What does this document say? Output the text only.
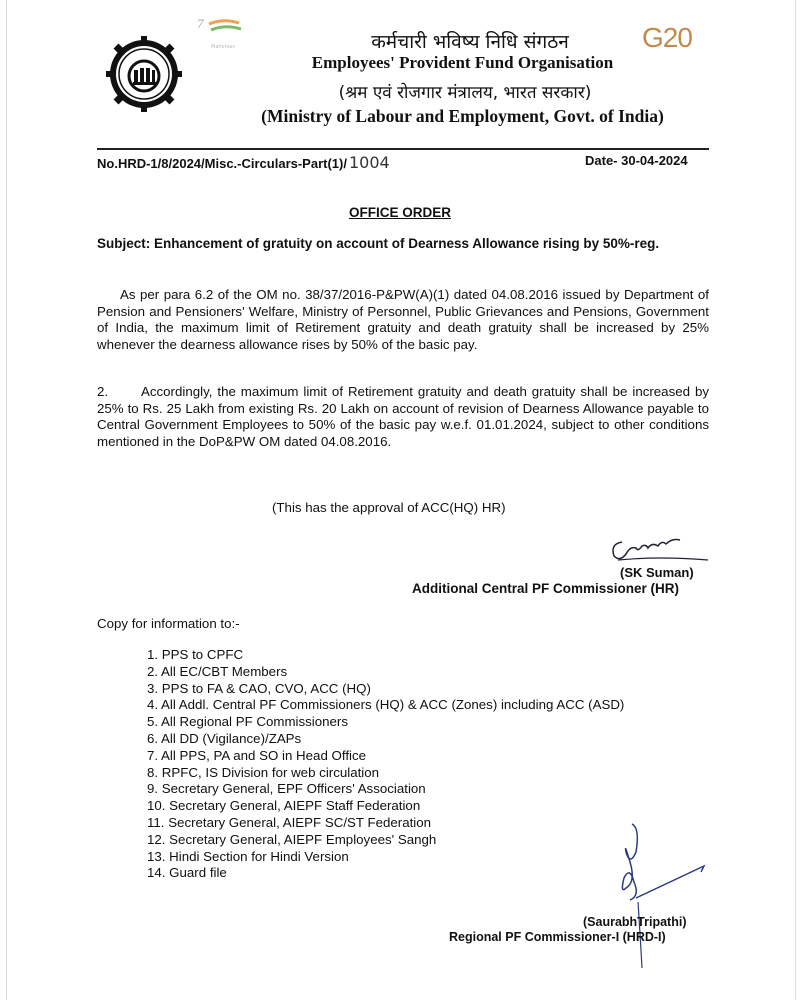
7
Mahotsav	G20
कर्मचारी भविष्य निधि संगठन
Employees' Provident Fund Organisation
(श्रम एवं रोजगार मंत्रालय, भारत सरकार)
(Ministry of Labour and Employment, Govt. of India)
No.HRD-1/8/2024/Misc.-Circulars-Part(1)/ 1004	Date- 30-04-2024
OFFICE ORDER
Subject: Enhancement of gratuity on account of Dearness Allowance rising by 50%-reg.
As per para 6.2 of the OM no. 38/37/2016-P&PW(A)(1) dated 04.08.2016 issued by Department of Pension and Pensioners' Welfare, Ministry of Personnel, Public Grievances and Pensions, Government of India, the maximum limit of Retirement gratuity and death gratuity shall be increased by 25% whenever the dearness allowance rises by 50% of the basic pay.
2. Accordingly, the maximum limit of Retirement gratuity and death gratuity shall be increased by 25% to Rs. 25 Lakh from existing Rs. 20 Lakh on account of revision of Dearness Allowance payable to Central Government Employees to 50% of the basic pay w.e.f. 01.01.2024, subject to other conditions mentioned in the DoP&PW OM dated 04.08.2016.
(This has the approval of ACC(HQ) HR)
(SK Suman)
Additional Central PF Commissioner (HR)
Copy for information to:-
1. PPS to CPFC
2. All EC/CBT Members
3. PPS to FA & CAO, CVO, ACC (HQ)
4. All Addl. Central PF Commissioners (HQ) & ACC (Zones) including ACC (ASD)
5. All Regional PF Commissioners
6. All DD (Vigilance)/ZAPs
7. All PPS, PA and SO in Head Office
8. RPFC, IS Division for web circulation
9. Secretary General, EPF Officers' Association
10. Secretary General, AIEPF Staff Federation
11. Secretary General, AIEPF SC/ST Federation
12. Secretary General, AIEPF Employees' Sangh
13. Hindi Section for Hindi Version
14. Guard file
(SaurabhTripathi)
Regional PF Commissioner-I (HRD-I)
